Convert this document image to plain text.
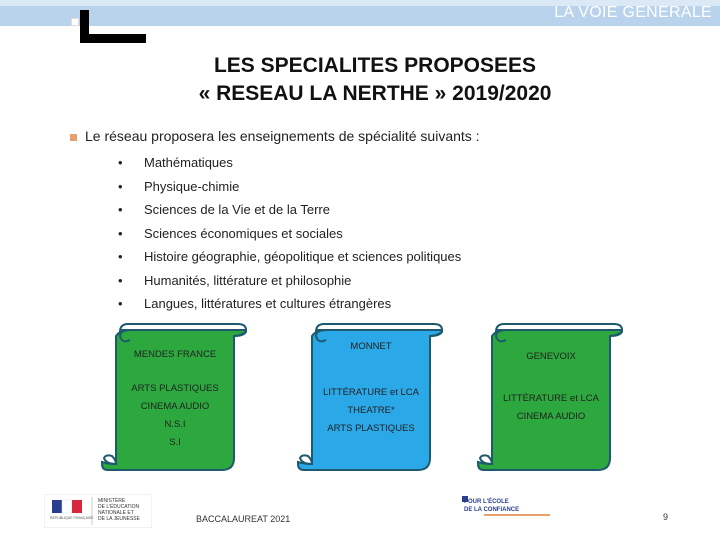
LA VOIE GENERALE
LES SPECIALITES PROPOSEES
« RESEAU LA NERTHE » 2019/2020
Le réseau proposera les enseignements de spécialité suivants :
• Mathématiques
• Physique-chimie
• Sciences de la Vie et de la Terre
• Sciences économiques et sociales
• Histoire géographie, géopolitique et sciences politiques
• Humanités, littérature et philosophie
• Langues, littératures et cultures étrangères
MENDES FRANCE
ARTS PLASTIQUES
CINEMA AUDIO
N.S.I
S.I
MONNET
LITTÉRATURE et LCA
THEATRE*
ARTS PLASTIQUES
GENEVOIX
LITTÉRATURE et LCA
CINEMA AUDIO
RÉPUBLIQUE FRANÇAISE
MINISTÈRE
DE L'ÉDUCATION
NATIONALE ET
DE LA JEUNESSE	BACCALAUREAT 2021
POUR L'ÉCOLE
DE LA CONFIANCE
9
